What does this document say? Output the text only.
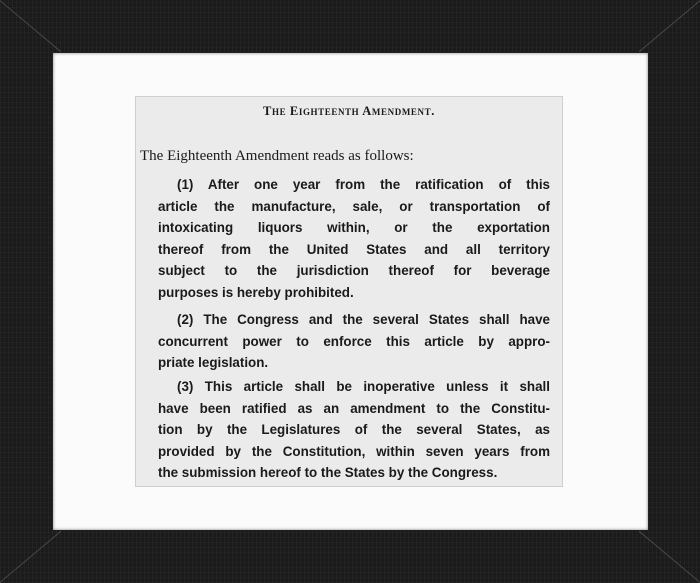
The Eighteenth Amendment.

The Eighteenth Amendment reads as follows:

(1) After one year from the ratification of this
article the manufacture, sale, or transportation of
intoxicating liquors within, or the exportation
thereof from the United States and all territory
subject to the jurisdiction thereof for beverage
purposes is hereby prohibited.

(2) The Congress and the several States shall have
concurrent power to enforce this article by appro-
priate legislation.

(3) This article shall be inoperative unless it shall
have been ratified as an amendment to the Constitu-
tion by the Legislatures of the several States, as
provided by the Constitution, within seven years from
the submission hereof to the States by the Congress.
